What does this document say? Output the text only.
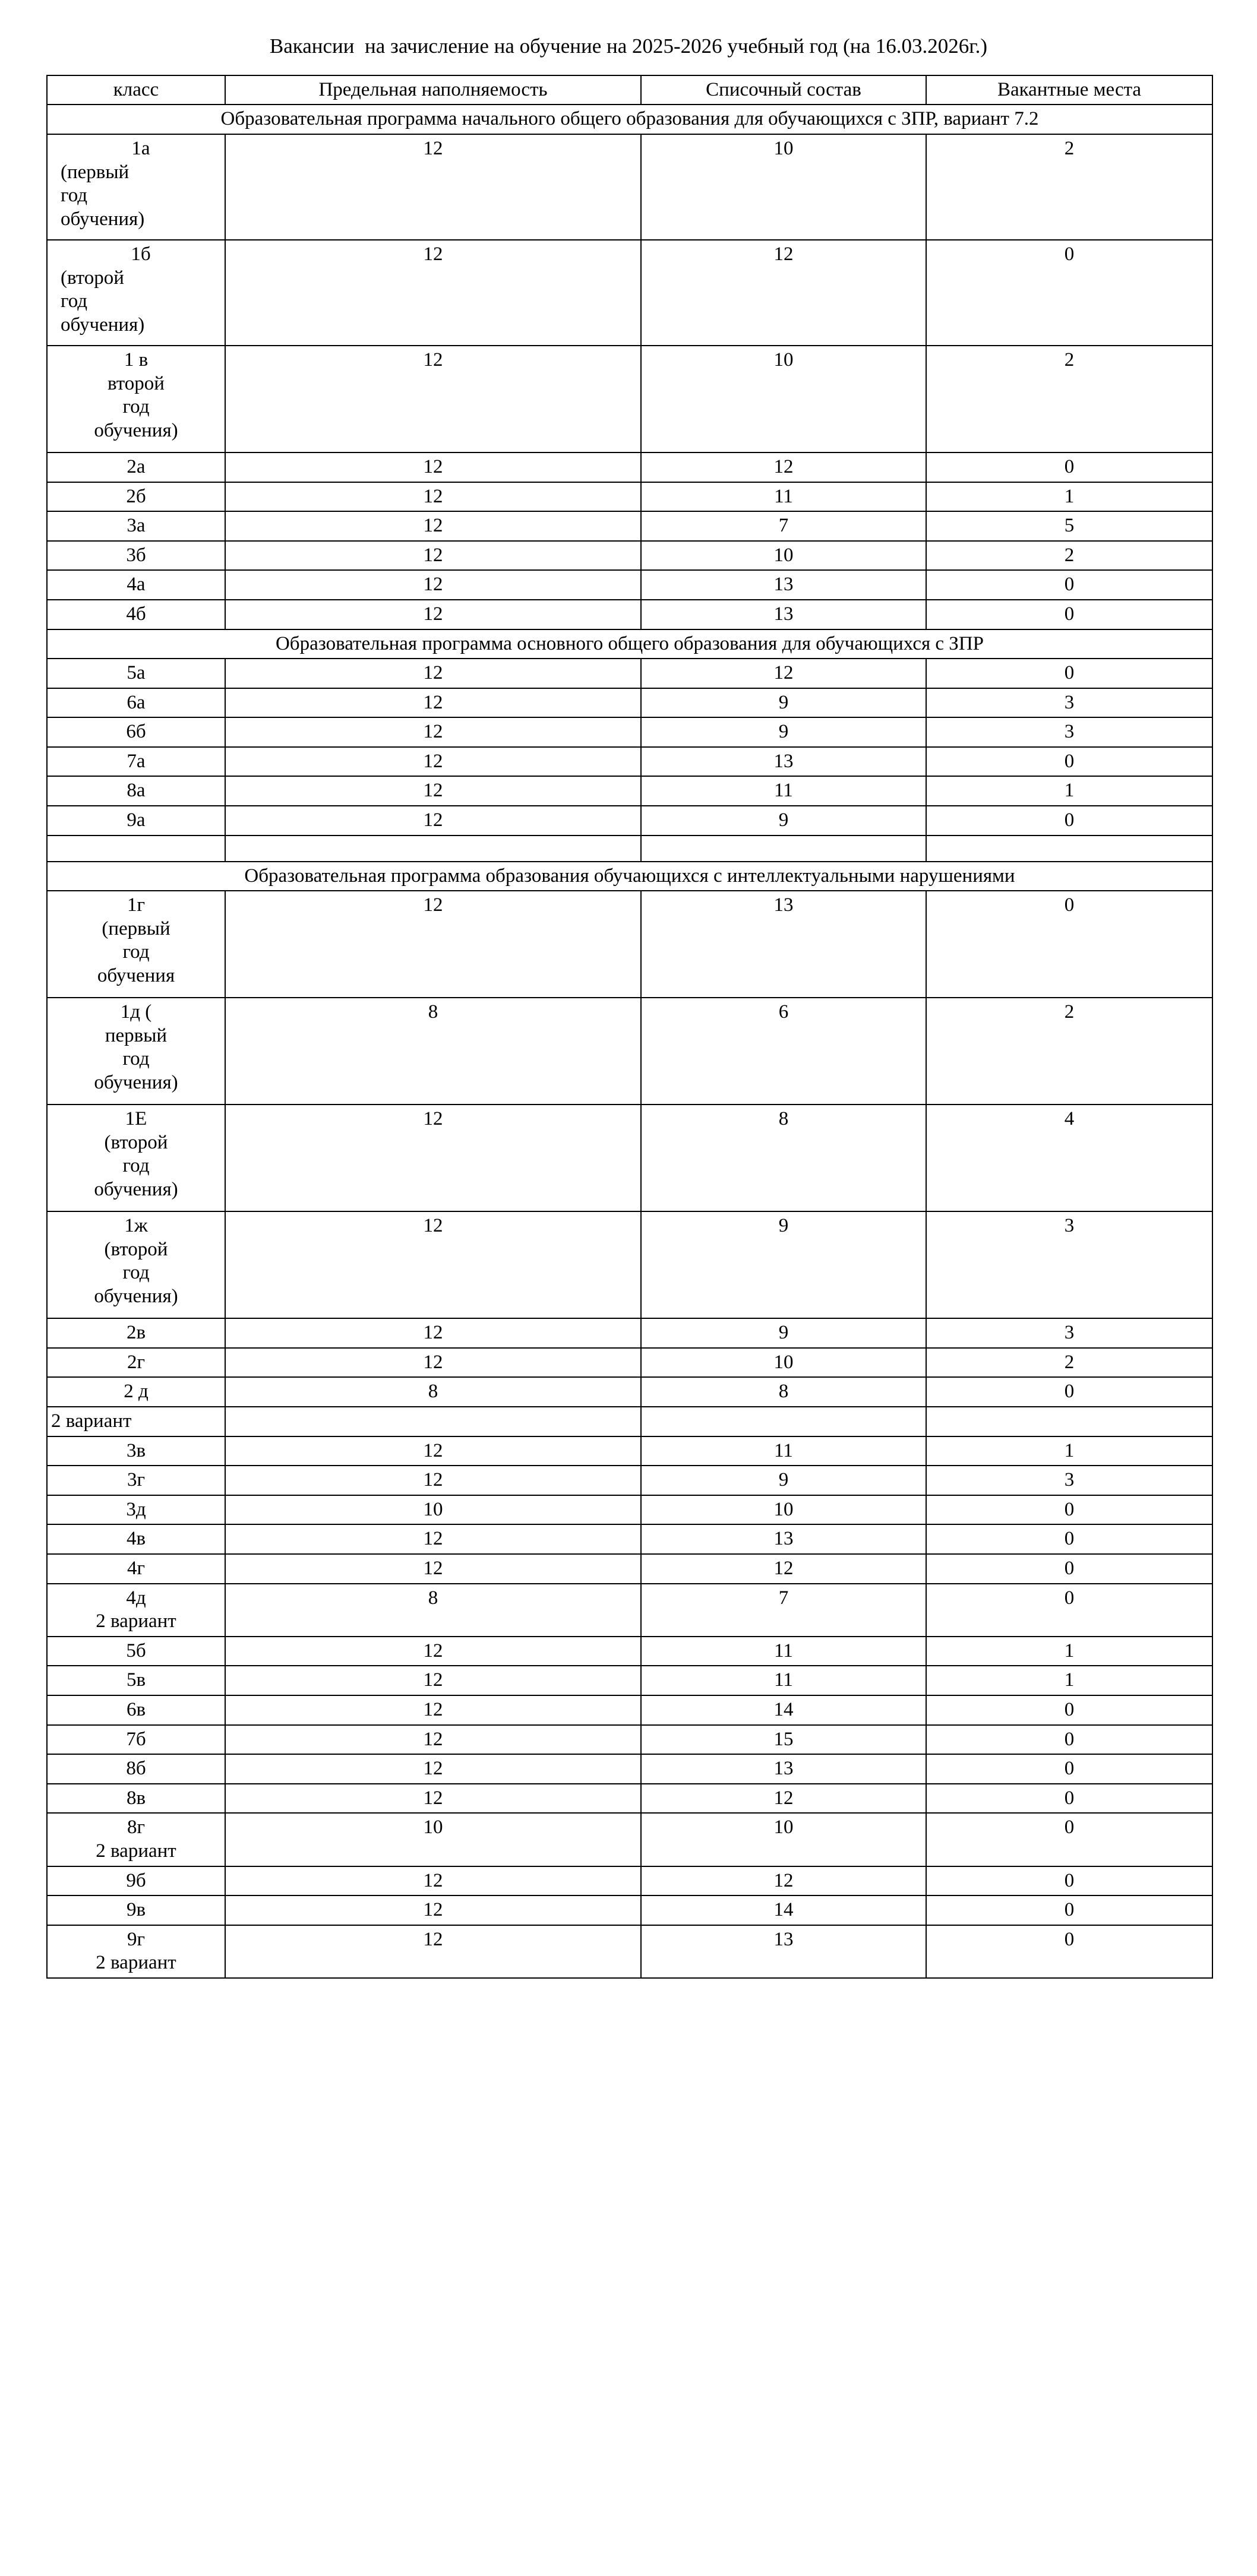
Вакансии  на зачисление на обучение на 2025-2026 учебный год (на 16.03.2026г.)
класс	Предельная наполняемость	Списочный состав	Вакантные места
Образовательная программа начального общего образования для обучающихся с ЗПР, вариант 7.2			

1а
(первый
год
обучения)	12	10	2

1б
(второй
год
обучения)	12	12	0

1 в
второй
год
обучения)	12	10	2
2а	12	12	0
2б	12	11	1
3а	12	7	5
3б	12	10	2
4а	12	13	0
4б	12	13	0
Образовательная программа основного общего образования для обучающихся с ЗПР			
5а	12	12	0
6а	12	9	3
6б	12	9	3
7а	12	13	0
8а	12	11	1
9а	12	9	0

Образовательная программа образования обучающихся с интеллектуальными нарушениями			

1г
(первый
год
обучения	12	13	0

1д (
первый
год
обучения)	8	6	2

1Е
(второй
год
обучения)	12	8	4

1ж
(второй
год
обучения)	12	9	3
2в	12	9	3
2г	12	10	2
2 д	8	8	0
2 вариант			
3в	12	11	1
3г	12	9	3
3д	10	10	0
4в	12	13	0
4г	12	12	0

4д
2 вариант	8	7	0
5б	12	11	1
5в	12	11	1
6в	12	14	0
7б	12	15	0
8б	12	13	0
8в	12	12	0

8г
2 вариант	10	10	0
9б	12	12	0
9в	12	14	0

9г
2 вариант	12	13	0
